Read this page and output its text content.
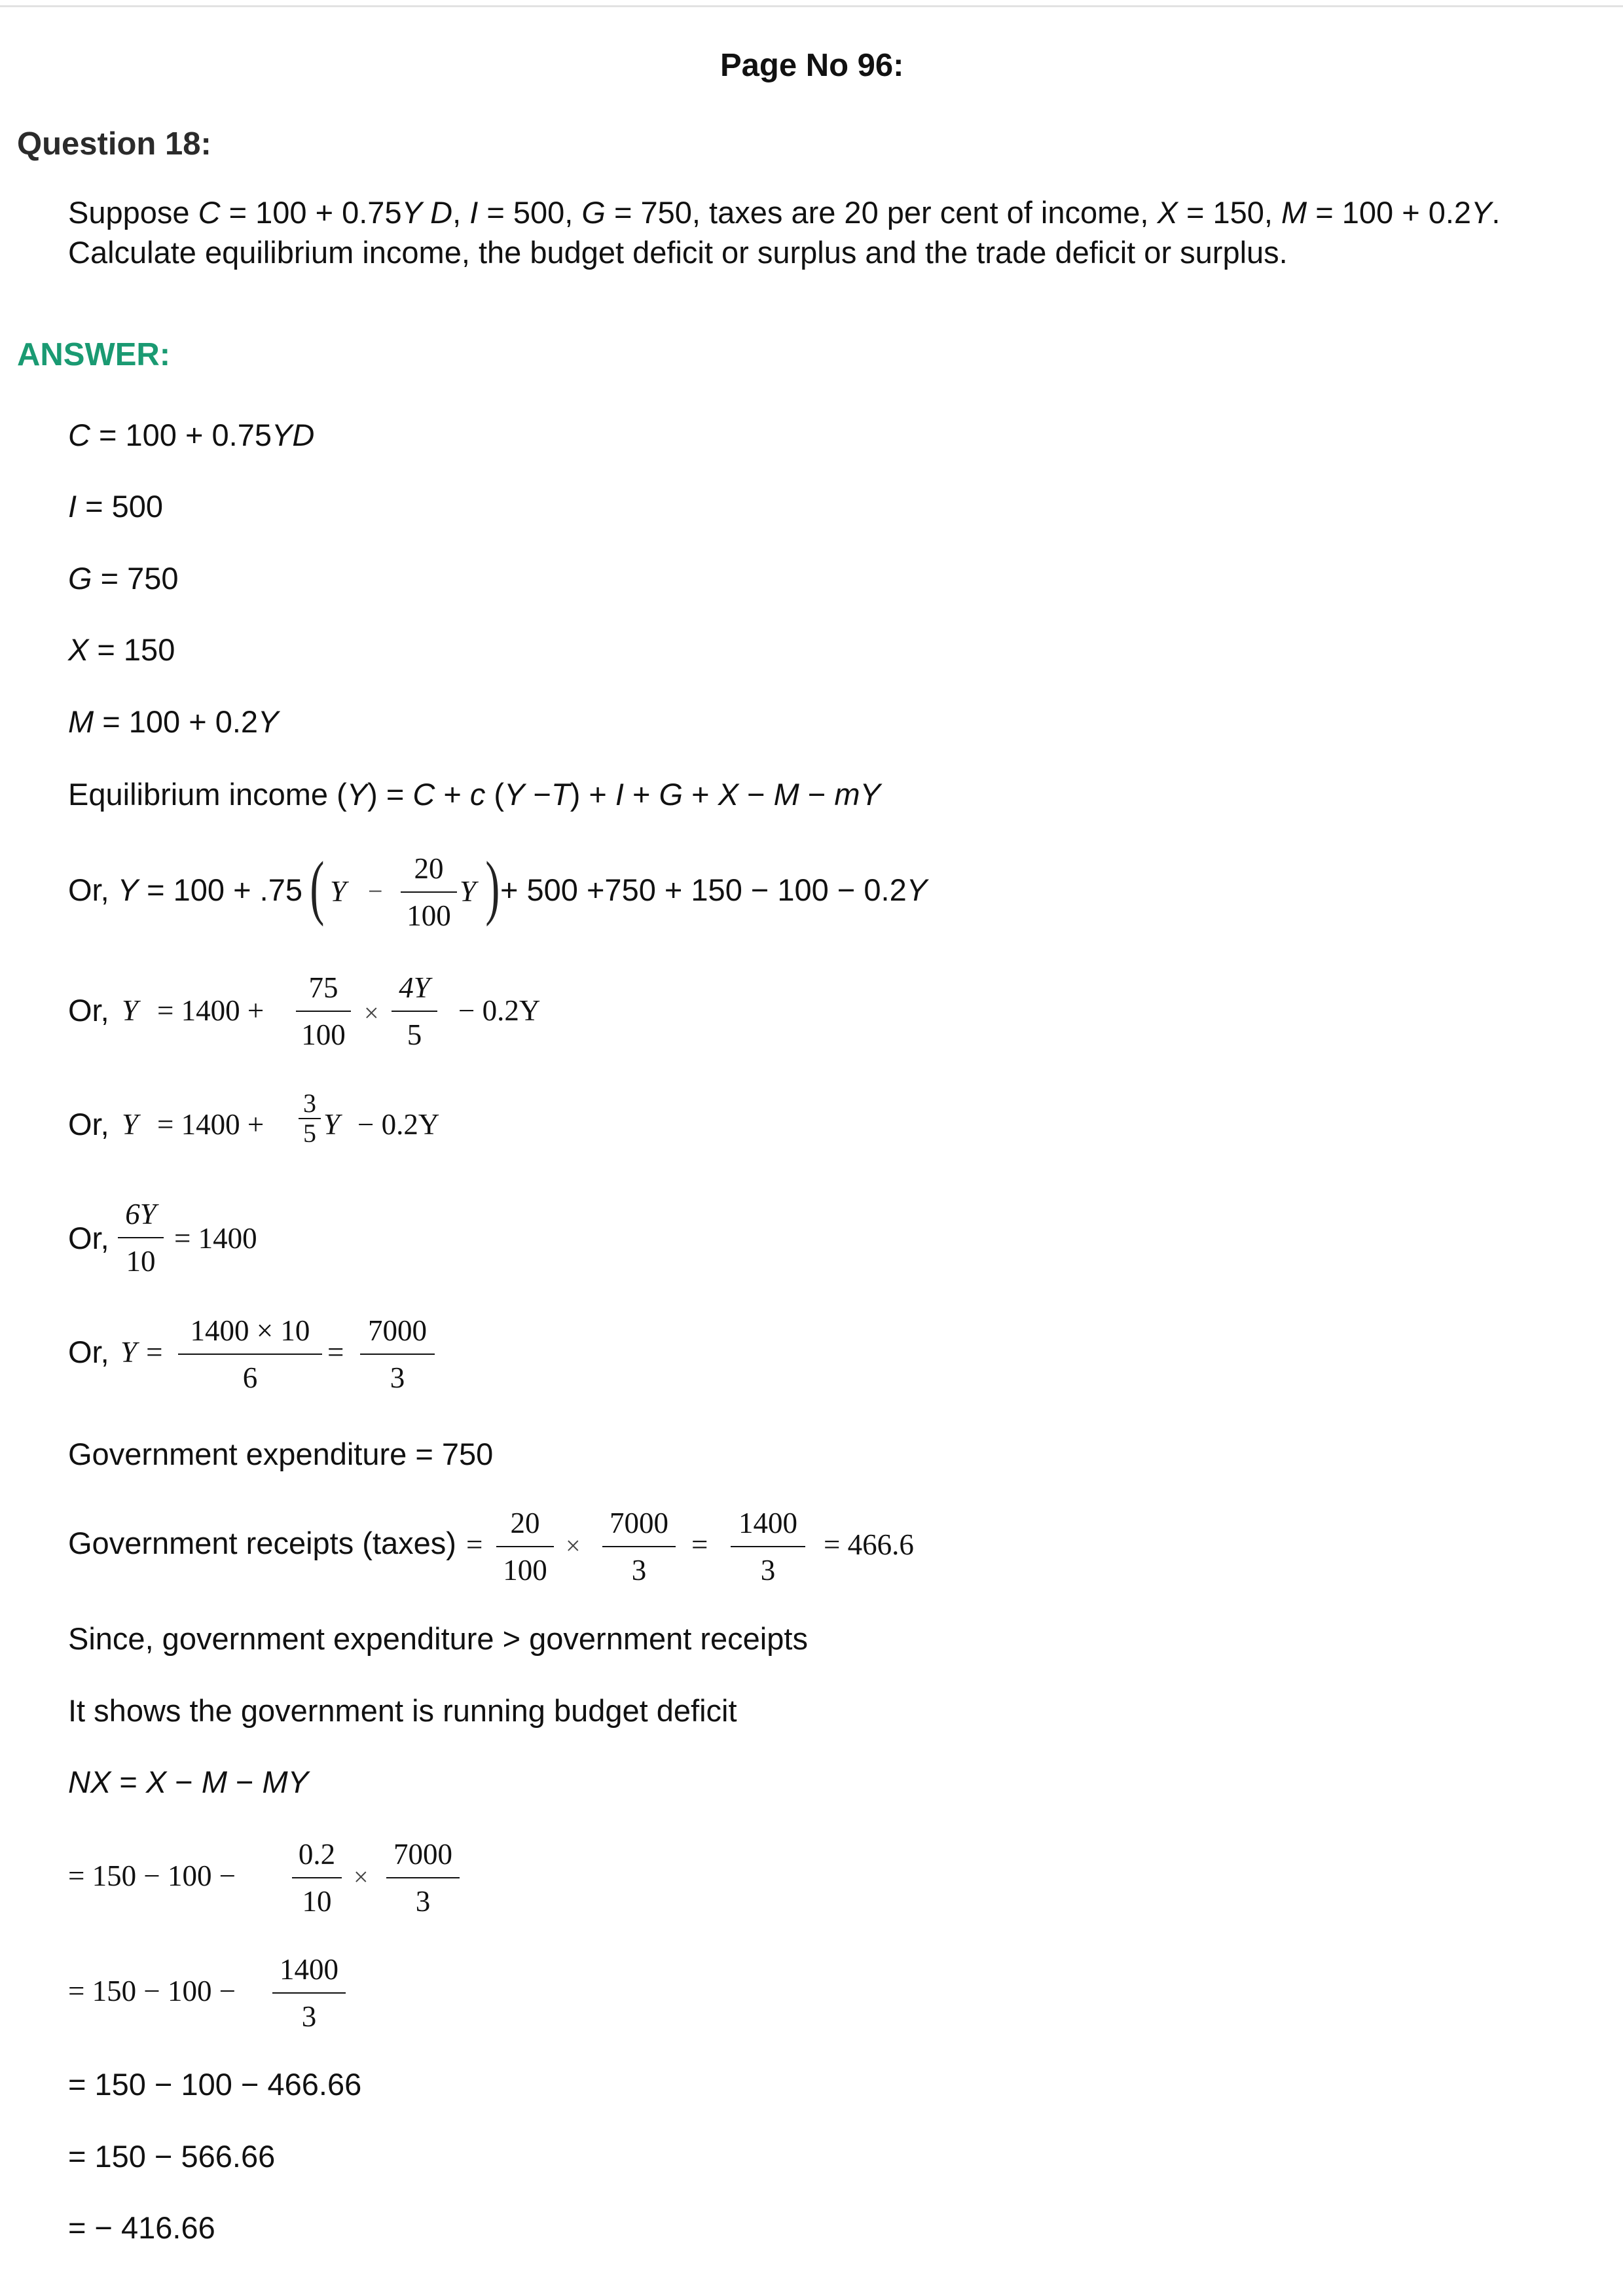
Page No 96:
Question 18:
Suppose C = 100 + 0.75Y D, I = 500, G = 750, taxes are 20 per cent of income, X = 150, M = 100 + 0.2Y.
Calculate equilibrium income, the budget deficit or surplus and the trade deficit or surplus.
ANSWER:
C = 100 + 0.75YD
I = 500
G = 750
X = 150
M = 100 + 0.2Y
Equilibrium income (Y) = C + c (Y −T) + I + G + X − M − mY
Or, Y = 100 + .75 ( Y −
20
100
Y ) + 500 +750 + 150 − 100 − 0.2Y
Or, Y = 1400 +
75
100
×
4Y
5
− 0.2Y
Or, Y = 1400 +
3
5 Y − 0.2Y
Or,
6Y
10
= 1400
Or, Y =
1400 × 10
6
=
7000
3
Government expenditure = 750
Government receipts (taxes) =
20
100
×
7000
3
=
1400
3
= 466.6
Since, government expenditure > government receipts
It shows the government is running budget deficit
NX = X − M − MY
= 150 − 100 −
0.2
10
×
7000
3
= 150 − 100 −
1400
3
= 150 − 100 − 466.66
= 150 − 566.66
= − 416.66
